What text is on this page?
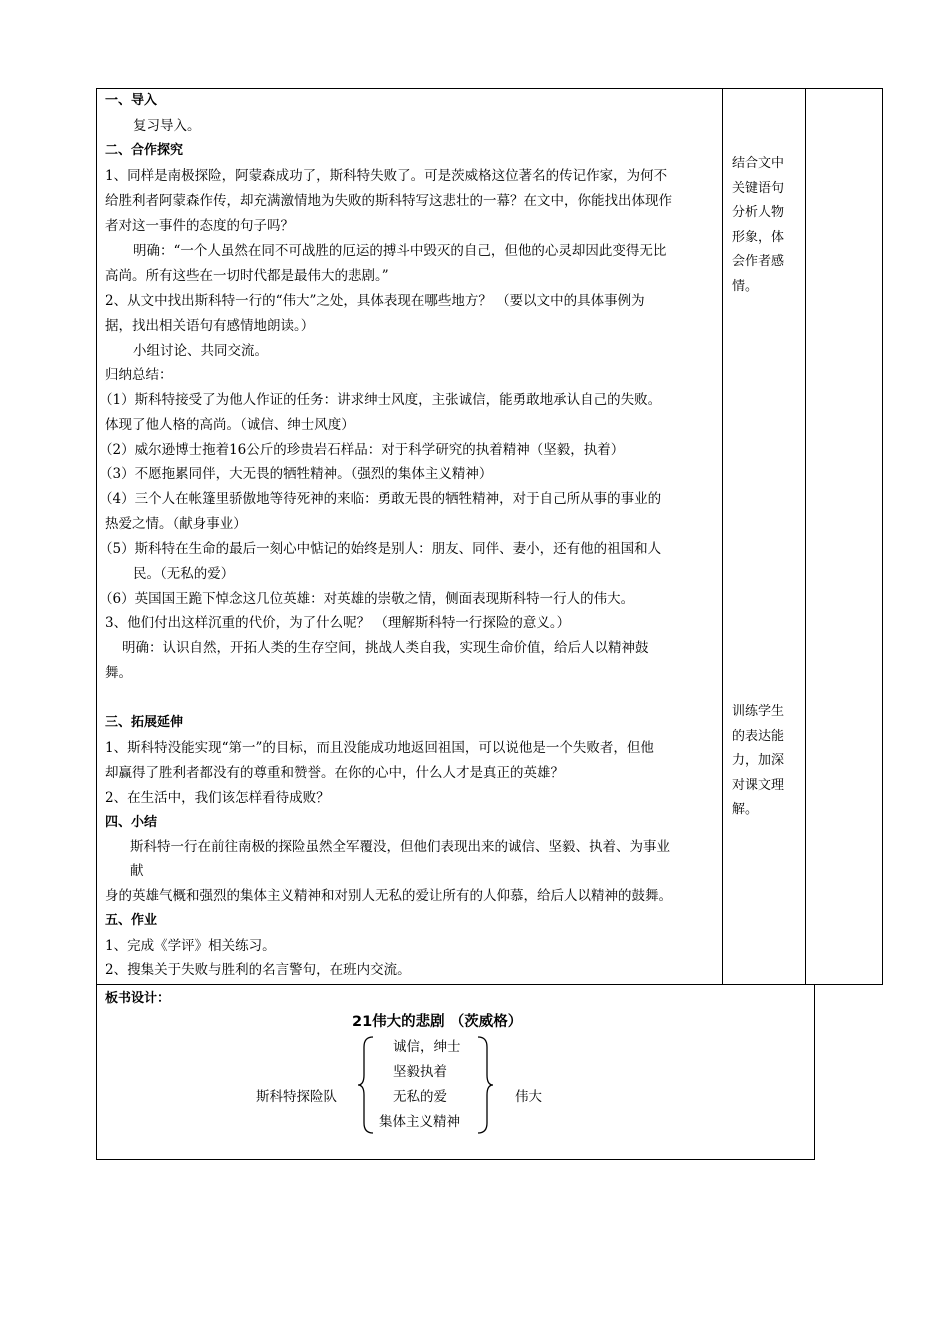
一、导入
复习导入。
二、合作探究
1、同样是南极探险，阿蒙森成功了，斯科特失败了。可是茨威格这位著名的传记作家，为何不
给胜利者阿蒙森作传，却充满激情地为失败的斯科特写这悲壮的一幕？在文中，你能找出体现作
者对这一事件的态度的句子吗？
明确：“一个人虽然在同不可战胜的厄运的搏斗中毁灭的自己，但他的心灵却因此变得无比
高尚。所有这些在一切时代都是最伟大的悲剧。”
2、从文中找出斯科特一行的“伟大”之处，具体表现在哪些地方？ （要以文中的具体事例为
据，找出相关语句有感情地朗读。）
小组讨论、共同交流。
归纳总结：
（1）斯科特接受了为他人作证的任务：讲求绅士风度，主张诚信，能勇敢地承认自己的失败。
体现了他人格的高尚。（诚信、绅士风度）
（2）威尔逊博士拖着16公斤的珍贵岩石样品：对于科学研究的执着精神（坚毅，执着）
（3）不愿拖累同伴，大无畏的牺牲精神。（强烈的集体主义精神）
（4）三个人在帐篷里骄傲地等待死神的来临：勇敢无畏的牺牲精神，对于自己所从事的事业的
热爱之情。（献身事业）
（5）斯科特在生命的最后一刻心中惦记的始终是别人：朋友、同伴、妻小，还有他的祖国和人
民。（无私的爱）
（6）英国国王跪下悼念这几位英雄：对英雄的崇敬之情，侧面表现斯科特一行人的伟大。
3、他们付出这样沉重的代价，为了什么呢？ （理解斯科特一行探险的意义。）
明确：认识自然，开拓人类的生存空间，挑战人类自我，实现生命价值，给后人以精神鼓
舞。
三、拓展延伸
1、斯科特没能实现“第一”的目标，而且没能成功地返回祖国，可以说他是一个失败者，但他
却赢得了胜利者都没有的尊重和赞誉。在你的心中，什么人才是真正的英雄？
2、在生活中，我们该怎样看待成败？
四、小结
斯科特一行在前往南极的探险虽然全军覆没，但他们表现出来的诚信、坚毅、执着、为事业
献
身的英雄气概和强烈的集体主义精神和对别人无私的爱让所有的人仰慕，给后人以精神的鼓舞。
五、作业
1、完成《学评》相关练习。
2、搜集关于失败与胜利的名言警句，在班内交流。
结合文中
关键语句
分析人物
形象，体
会作者感
情。
训练学生
的表达能
力，加深
对课文理
解。
板书设计：
21伟大的悲剧 （茨威格）
斯科特探险队
诚信，绅士
坚毅执着
无私的爱
集体主义精神
伟大
